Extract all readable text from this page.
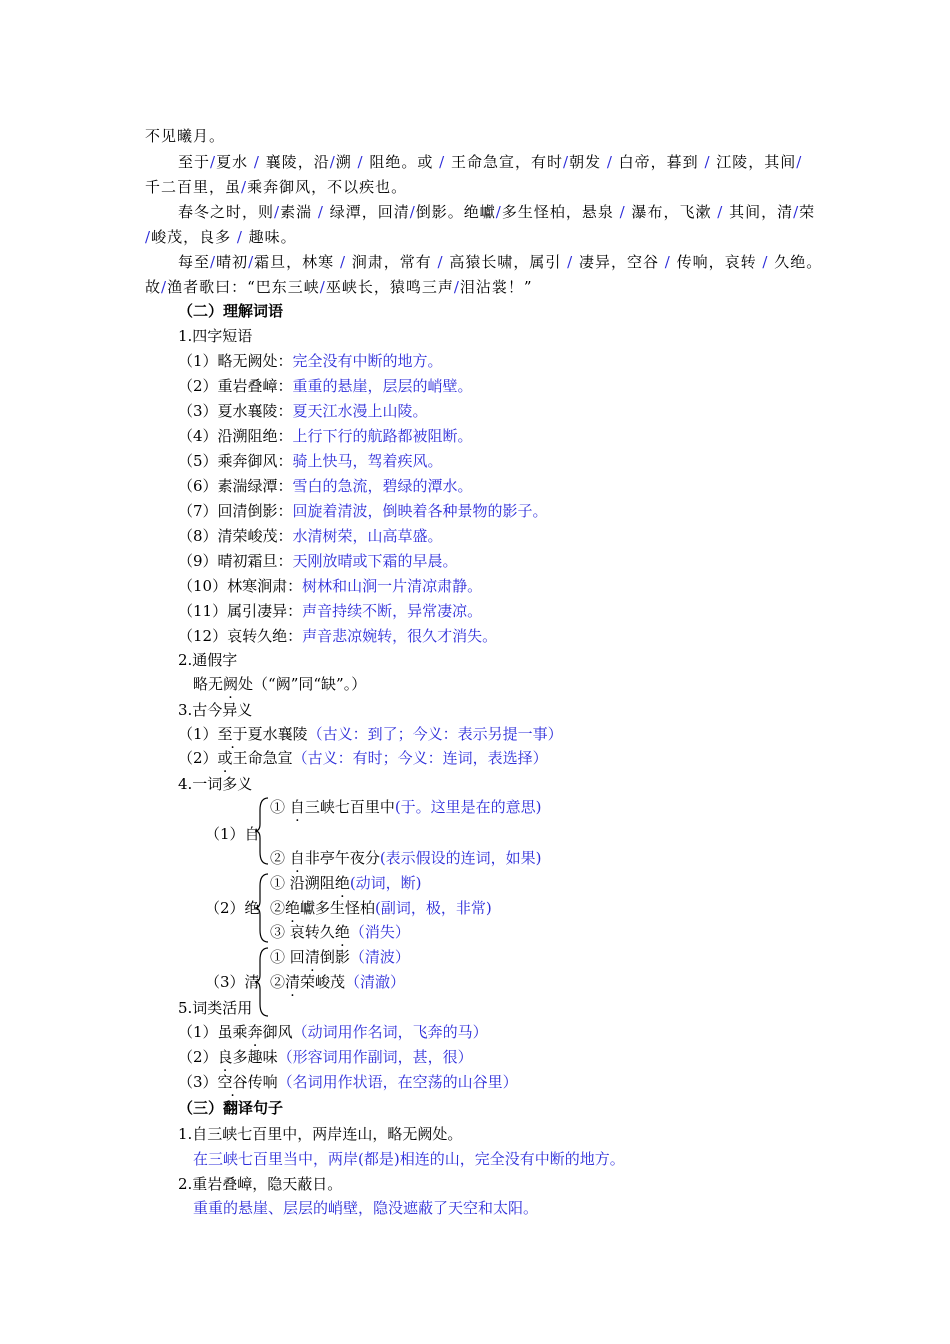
不见曦月。
至于/夏水 / 襄陵，沿/溯 / 阻绝。或 / 王命急宣，有时/朝发 / 白帝，暮到 / 江陵，其间/
千二百里，虽/乘奔御风，不以疾也。
春冬之时，则/素湍 / 绿潭，回清/倒影。绝巘/多生怪柏，悬泉 / 瀑布，飞漱 / 其间，清/荣
/峻茂，良多 / 趣味。
每至/晴初/霜旦，林寒 / 涧肃，常有 / 高猿长啸，属引 / 凄异，空谷 / 传响，哀转 / 久绝。
故/渔者歌曰：“巴东三峡/巫峡长，猿鸣三声/泪沾裳！”
（二）理解词语
1.四字短语
（1）略无阙处：完全没有中断的地方。
（2）重岩叠嶂：重重的悬崖，层层的峭壁。
（3）夏水襄陵：夏天江水漫上山陵。
（4）沿溯阻绝：上行下行的航路都被阻断。
（5）乘奔御风：骑上快马，驾着疾风。
（6）素湍绿潭：雪白的急流，碧绿的潭水。
（7）回清倒影：回旋着清波，倒映着各种景物的影子。
（8）清荣峻茂：水清树荣，山高草盛。
（9）晴初霜旦：天刚放晴或下霜的早晨。
（10）林寒涧肃：树林和山涧一片清凉肃静。
（11）属引凄异：声音持续不断，异常凄凉。
（12）哀转久绝：声音悲凉婉转，很久才消失。
2.通假字
略无阙处（“阙”同“缺”。）
3.古今异义
（1）至于夏水襄陵（古义：到了；今义：表示另提一事）
（2）或王命急宣（古义：有时；今义：连词，表选择）
4.一词多义
（1）自
① 自三峡七百里中(于。这里是在的意思)
② 自非亭午夜分(表示假设的连词，如果)
（2）绝
① 沿溯阻绝(动词，断)
②绝巘多生怪柏(副词，极，非常)
③ 哀转久绝（消失）
（3）清
① 回清倒影（清波）
②清荣峻茂（清澈）
5.词类活用
（1）虽乘奔御风（动词用作名词，飞奔的马）
（2）良多趣味（形容词用作副词，甚，很）
（3）空谷传响（名词用作状语，在空荡的山谷里）
（三）翻译句子
1.自三峡七百里中，两岸连山，略无阙处。
在三峡七百里当中，两岸(都是)相连的山，完全没有中断的地方。
2.重岩叠嶂，隐天蔽日。
重重的悬崖、层层的峭壁，隐没遮蔽了天空和太阳。
